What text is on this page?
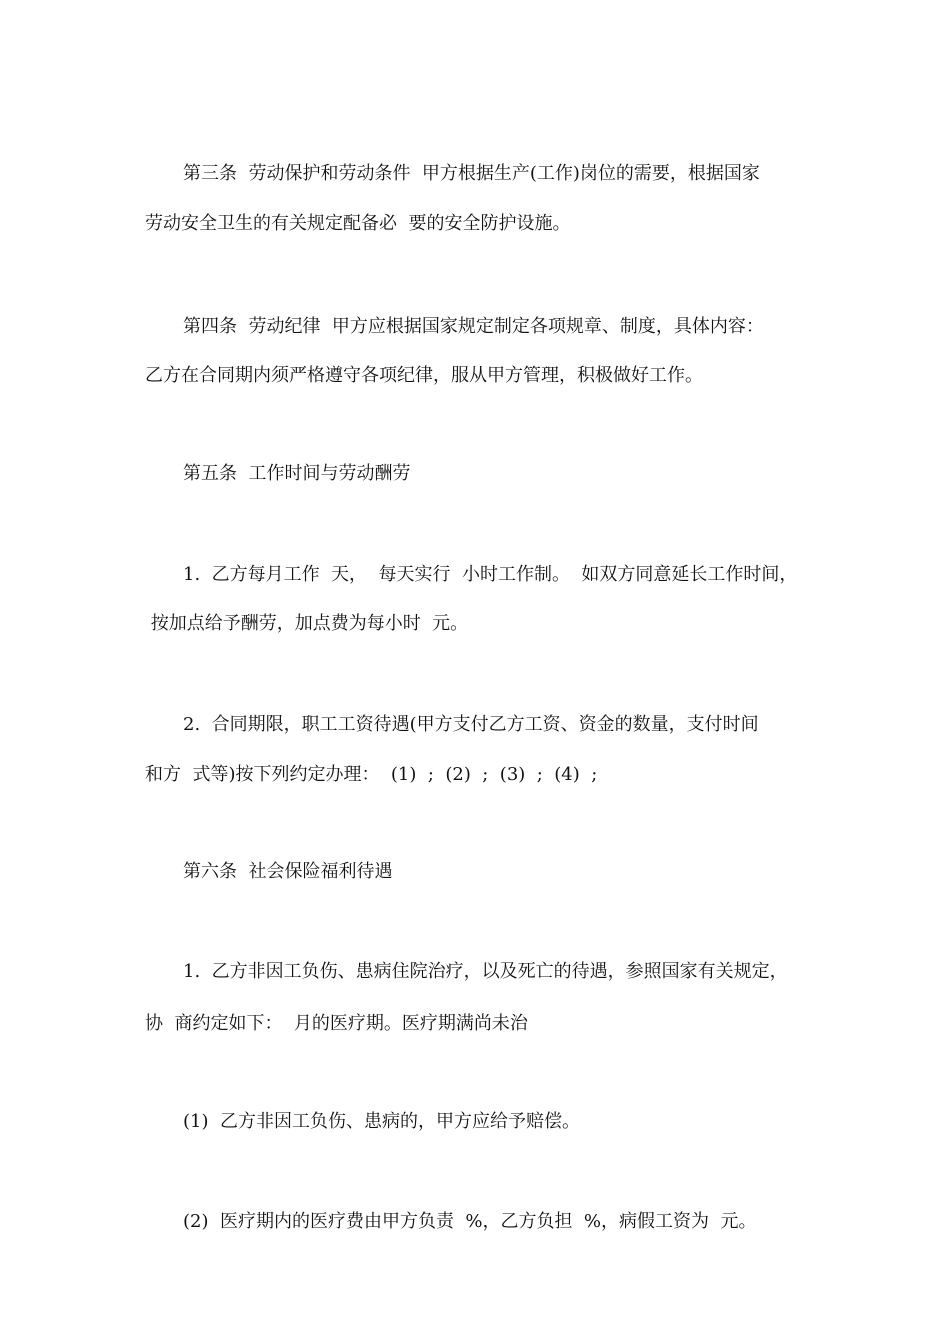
第三条  劳动保护和劳动条件  甲方根据生产(工作)岗位的需要，根据国家
劳动安全卫生的有关规定配备必  要的安全防护设施。
第四条  劳动纪律  甲方应根据国家规定制定各项规章、制度，具体内容：
乙方在合同期内须严格遵守各项纪律，服从甲方管理，积极做好工作。
第五条  工作时间与劳动酬劳
1.  乙方每月工作  天，  每天实行  小时工作制。  如双方同意延长工作时间，
按加点给予酬劳，加点费为每小时  元。
2.  合同期限，职工工资待遇(甲方支付乙方工资、资金的数量，支付时间
和方  式等)按下列约定办理：  (1)  ;  (2)  ;  (3)  ;  (4)  ;
第六条  社会保险福利待遇
1.  乙方非因工负伤、患病住院治疗，以及死亡的待遇，参照国家有关规定，
协  商约定如下：  月的医疗期。医疗期满尚未治
(1)  乙方非因工负伤、患病的，甲方应给予赔偿。
(2)  医疗期内的医疗费由甲方负责  %，乙方负担  %，病假工资为  元。
